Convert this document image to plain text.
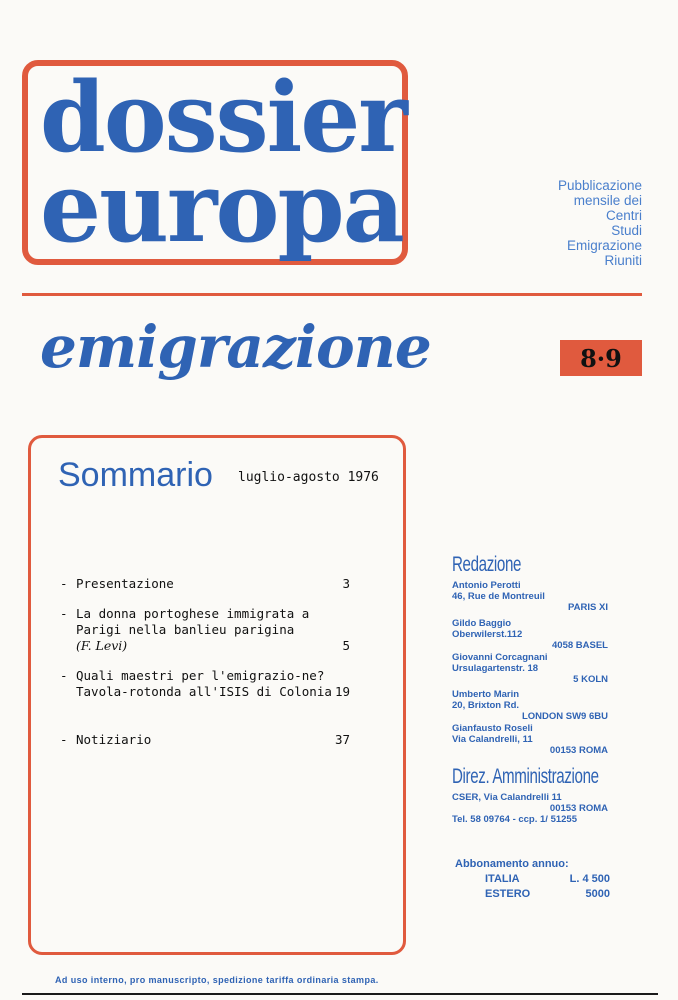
dossier
europa	Pubblicazione
mensile dei
Centri
Studi
Emigrazione
Riuniti
emigrazione	8·9
Sommario luglio-agosto 1976
- Presentazione	3
- La donna portoghese immigrata a Parigi nella banlieu parigina
(F. Levi)	5
- Quali maestri per l'emigrazio-ne? Tavola-rotonda all'ISIS di Colonia 19
- Notiziario	37
Redazione
Antonio Perotti
46, Rue de Montreuil
PARIS XI
Gildo Baggio
Oberwilerst.112
4058 BASEL
Giovanni Corcagnani
Ursulagartenstr. 18
5 KOLN
Umberto Marin
20, Brixton Rd.
LONDON SW9 6BU
Gianfausto Roseli
Via Calandrelli, 11
00153 ROMA
Direz. Amministrazione
CSER, Via Calandrelli 11
00153 ROMA
Tel. 58 09764 - ccp. 1/ 51255
Abbonamento annuo:
ITALIA	L. 4 500
ESTERO	5000
Ad uso interno, pro manuscripto, spedizione tariffa ordinaria stampa.
